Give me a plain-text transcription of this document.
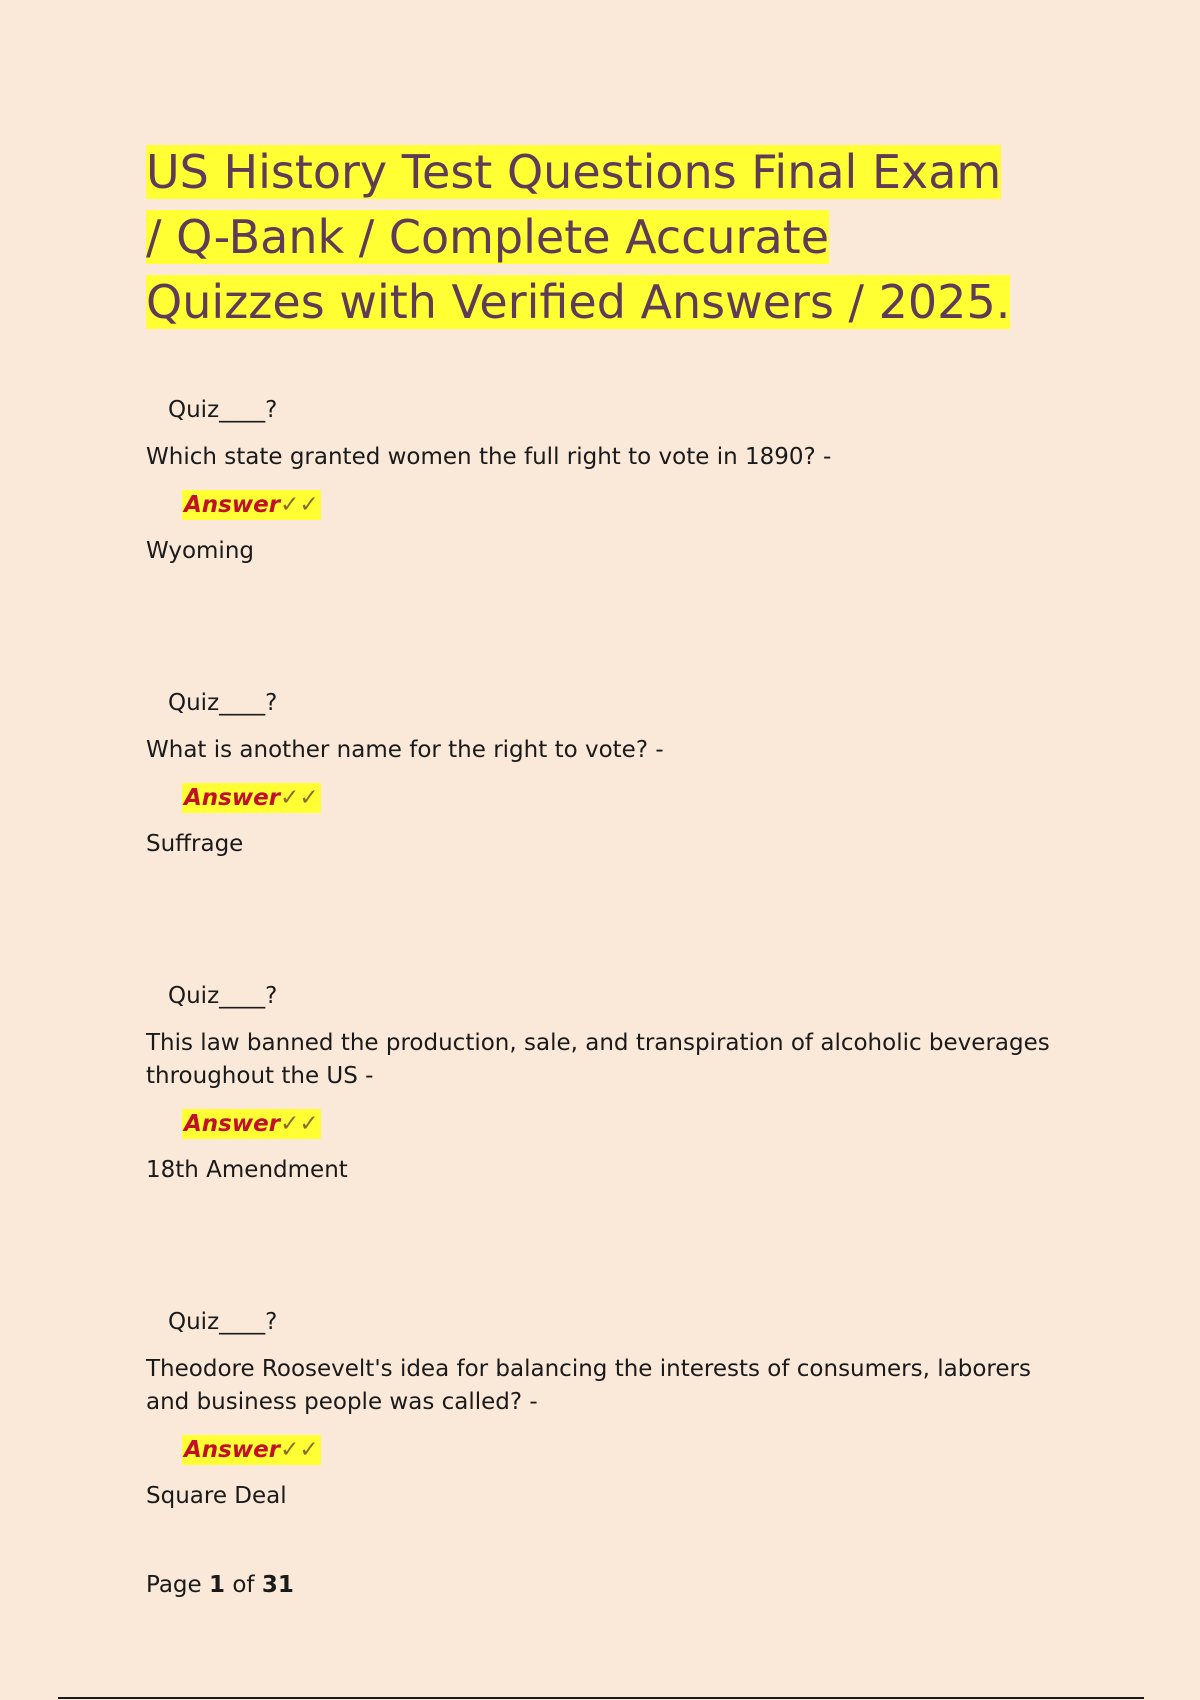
US History Test Questions Final Exam
/ Q-Bank / Complete Accurate
Quizzes with Verified Answers / 2025.

Quiz____?

Which state granted women the full right to vote in 1890? -

Answer✓✓

Wyoming

Quiz____?

What is another name for the right to vote? -

Answer✓✓

Suffrage

Quiz____?

This law banned the production, sale, and transpiration of alcoholic beverages throughout the US -

Answer✓✓

18th Amendment

Quiz____?

Theodore Roosevelt's idea for balancing the interests of consumers, laborers and business people was called? -

Answer✓✓

Square Deal

Page 1 of 31
